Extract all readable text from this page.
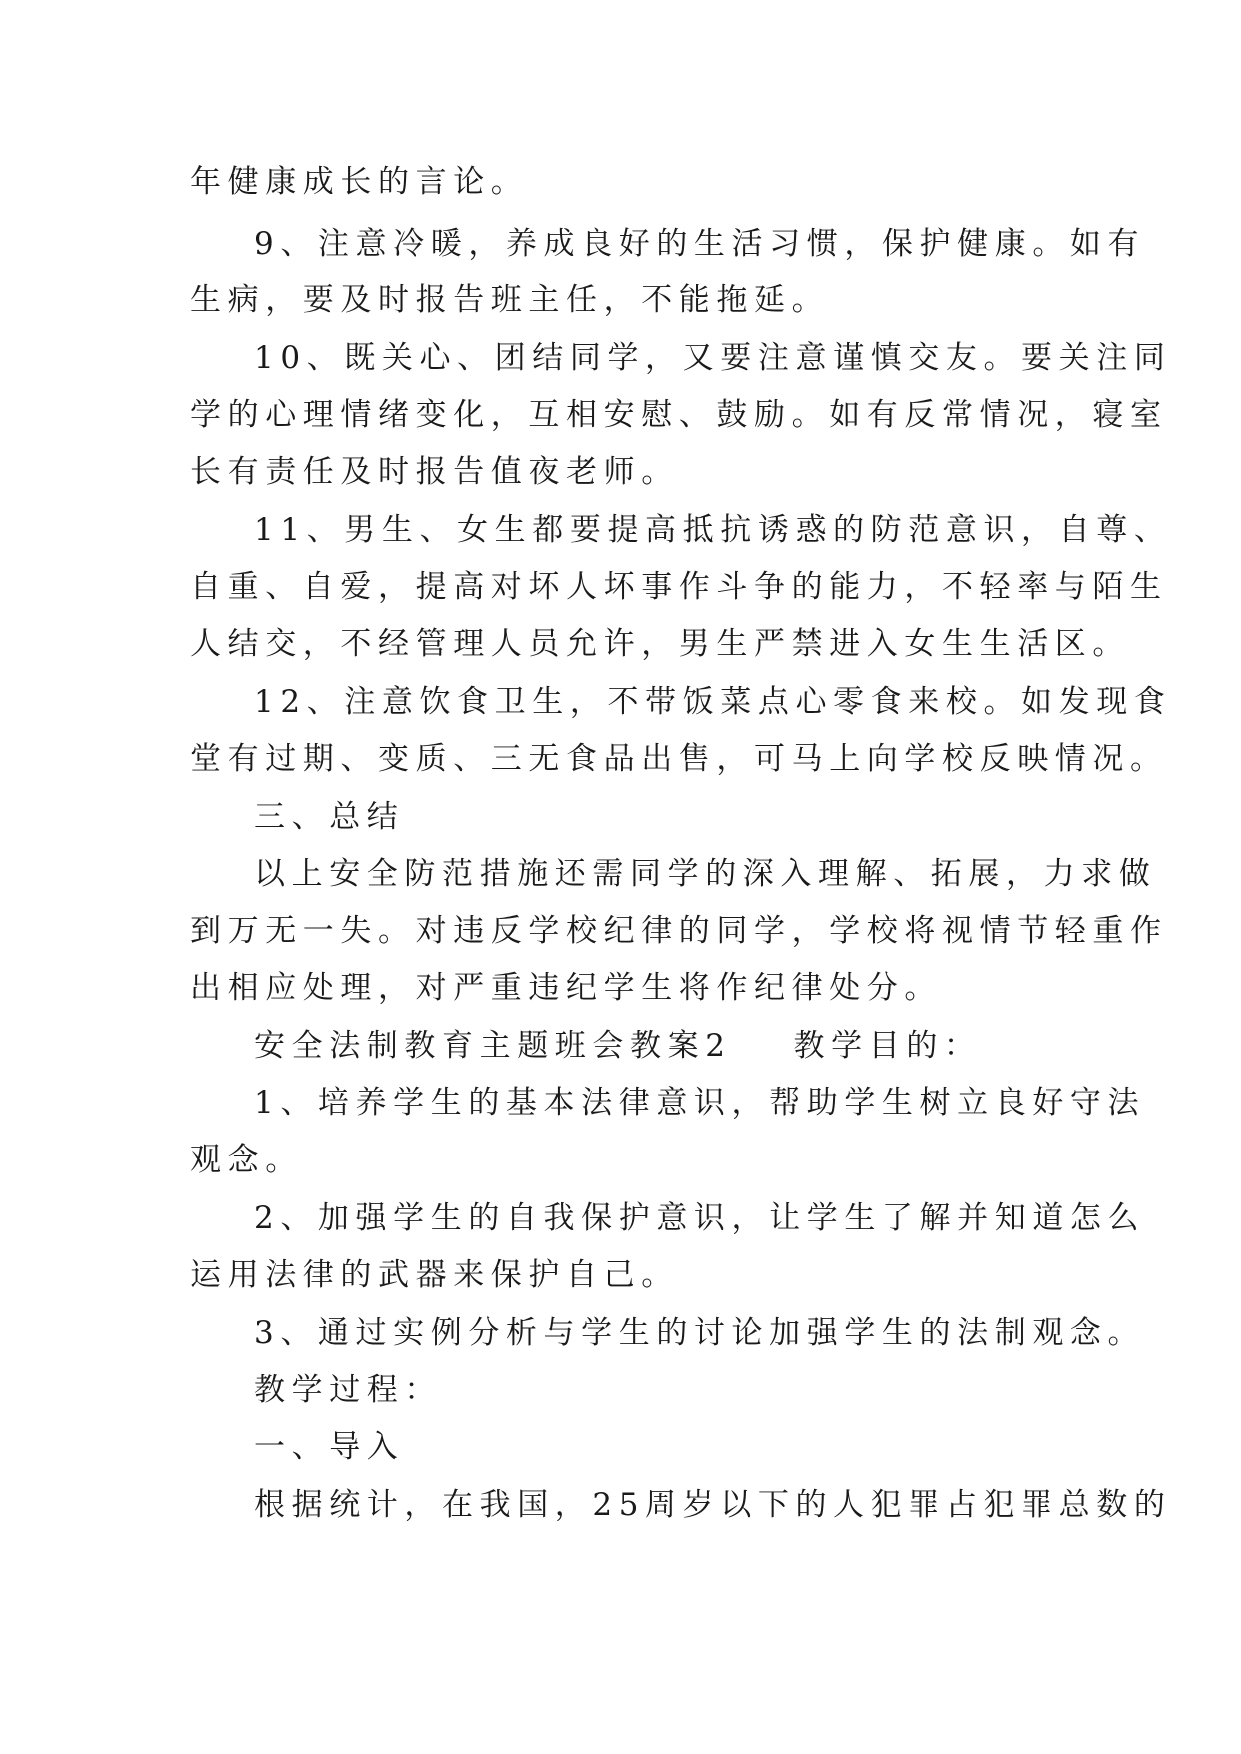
年健康成长的言论。
9、注意冷暖，养成良好的生活习惯，保护健康。如有
生病，要及时报告班主任，不能拖延。
10、既关心、团结同学，又要注意谨慎交友。要关注同
学的心理情绪变化，互相安慰、鼓励。如有反常情况，寝室
长有责任及时报告值夜老师。
11、男生、女生都要提高抵抗诱惑的防范意识，自尊、
自重、自爱，提高对坏人坏事作斗争的能力，不轻率与陌生
人结交，不经管理人员允许，男生严禁进入女生生活区。
12、注意饮食卫生，不带饭菜点心零食来校。如发现食
堂有过期、变质、三无食品出售，可马上向学校反映情况。
三、总结
以上安全防范措施还需同学的深入理解、拓展，力求做
到万无一失。对违反学校纪律的同学，学校将视情节轻重作
出相应处理，对严重违纪学生将作纪律处分。
安全法制教育主题班会教案2 教学目的：
1、培养学生的基本法律意识，帮助学生树立良好守法
观念。
2、加强学生的自我保护意识，让学生了解并知道怎么
运用法律的武器来保护自己。
3、通过实例分析与学生的讨论加强学生的法制观念。
教学过程：
一、导入
根据统计，在我国，25周岁以下的人犯罪占犯罪总数的
